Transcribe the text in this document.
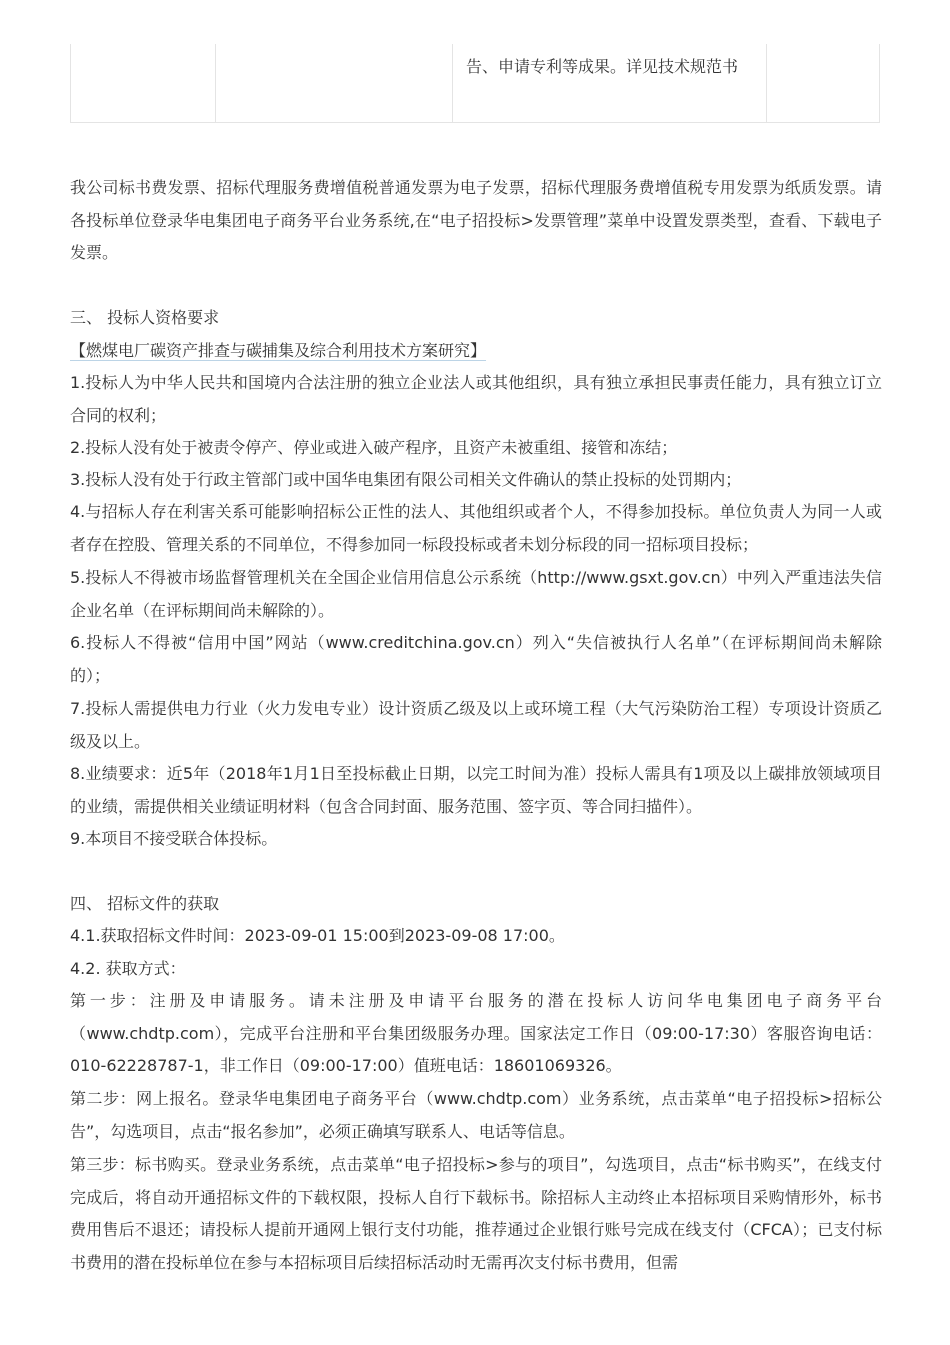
告、申请专利等成果。详见技术规范书

我公司标书费发票、招标代理服务费增值税普通发票为电子发票，招标代理服务费增值税专用发票为纸质发票。请各投标单位登录华电集团电子商务平台业务系统,在“电子招投标>发票管理”菜单中设置发票类型，查看、下载电子发票。

三、 投标人资格要求
【燃煤电厂碳资产排查与碳捕集及综合利用技术方案研究】

1.投标人为中华人民共和国境内合法注册的独立企业法人或其他组织，具有独立承担民事责任能力，具有独立订立合同的权利；

2.投标人没有处于被责令停产、停业或进入破产程序，且资产未被重组、接管和冻结；
3.投标人没有处于行政主管部门或中国华电集团有限公司相关文件确认的禁止投标的处罚期内；

4.与招标人存在利害关系可能影响招标公正性的法人、其他组织或者个人，不得参加投标。单位负责人为同一人或者存在控股、管理关系的不同单位，不得参加同一标段投标或者未划分标段的同一招标项目投标；

5.投标人不得被市场监督管理机关在全国企业信用信息公示系统（http://www.gsxt.gov.cn）中列入严重违法失信企业名单（在评标期间尚未解除的）。

6.投标人不得被“信用中国”网站（www.creditchina.gov.cn）列入“失信被执行人名单”（在评标期间尚未解除的）；

7.投标人需提供电力行业（火力发电专业）设计资质乙级及以上或环境工程（大气污染防治工程）专项设计资质乙级及以上。

8.业绩要求：近5年（2018年1月1日至投标截止日期，以完工时间为准）投标人需具有1项及以上碳排放领域项目的业绩，需提供相关业绩证明材料（包含合同封面、服务范围、签字页、等合同扫描件）。

9.本项目不接受联合体投标。
四、 招标文件的获取
4.1.获取招标文件时间：2023-09-01 15:00到2023-09-08 17:00。
4.2. 获取方式：

第一步：注册及申请服务。请未注册及申请平台服务的潜在投标人访问华电集团电子商务平台（www.chdtp.com），完成平台注册和平台集团级服务办理。国家法定工作日（09:00-17:30）客服咨询电话：010-62228787-1，非工作日（09:00-17:00）值班电话：18601069326。

第二步：网上报名。登录华电集团电子商务平台（www.chdtp.com）业务系统，点击菜单“电子招投标>招标公告”，勾选项目，点击“报名参加”，必须正确填写联系人、电话等信息。

第三步：标书购买。登录业务系统，点击菜单“电子招投标>参与的项目”，勾选项目，点击“标书购买”，在线支付完成后，将自动开通招标文件的下载权限，投标人自行下载标书。除招标人主动终止本招标项目采购情形外，标书费用售后不退还；请投标人提前开通网上银行支付功能，推荐通过企业银行账号完成在线支付（CFCA）；已支付标书费用的潜在投标单位在参与本招标项目后续招标活动时无需再次支付标书费用，但需
